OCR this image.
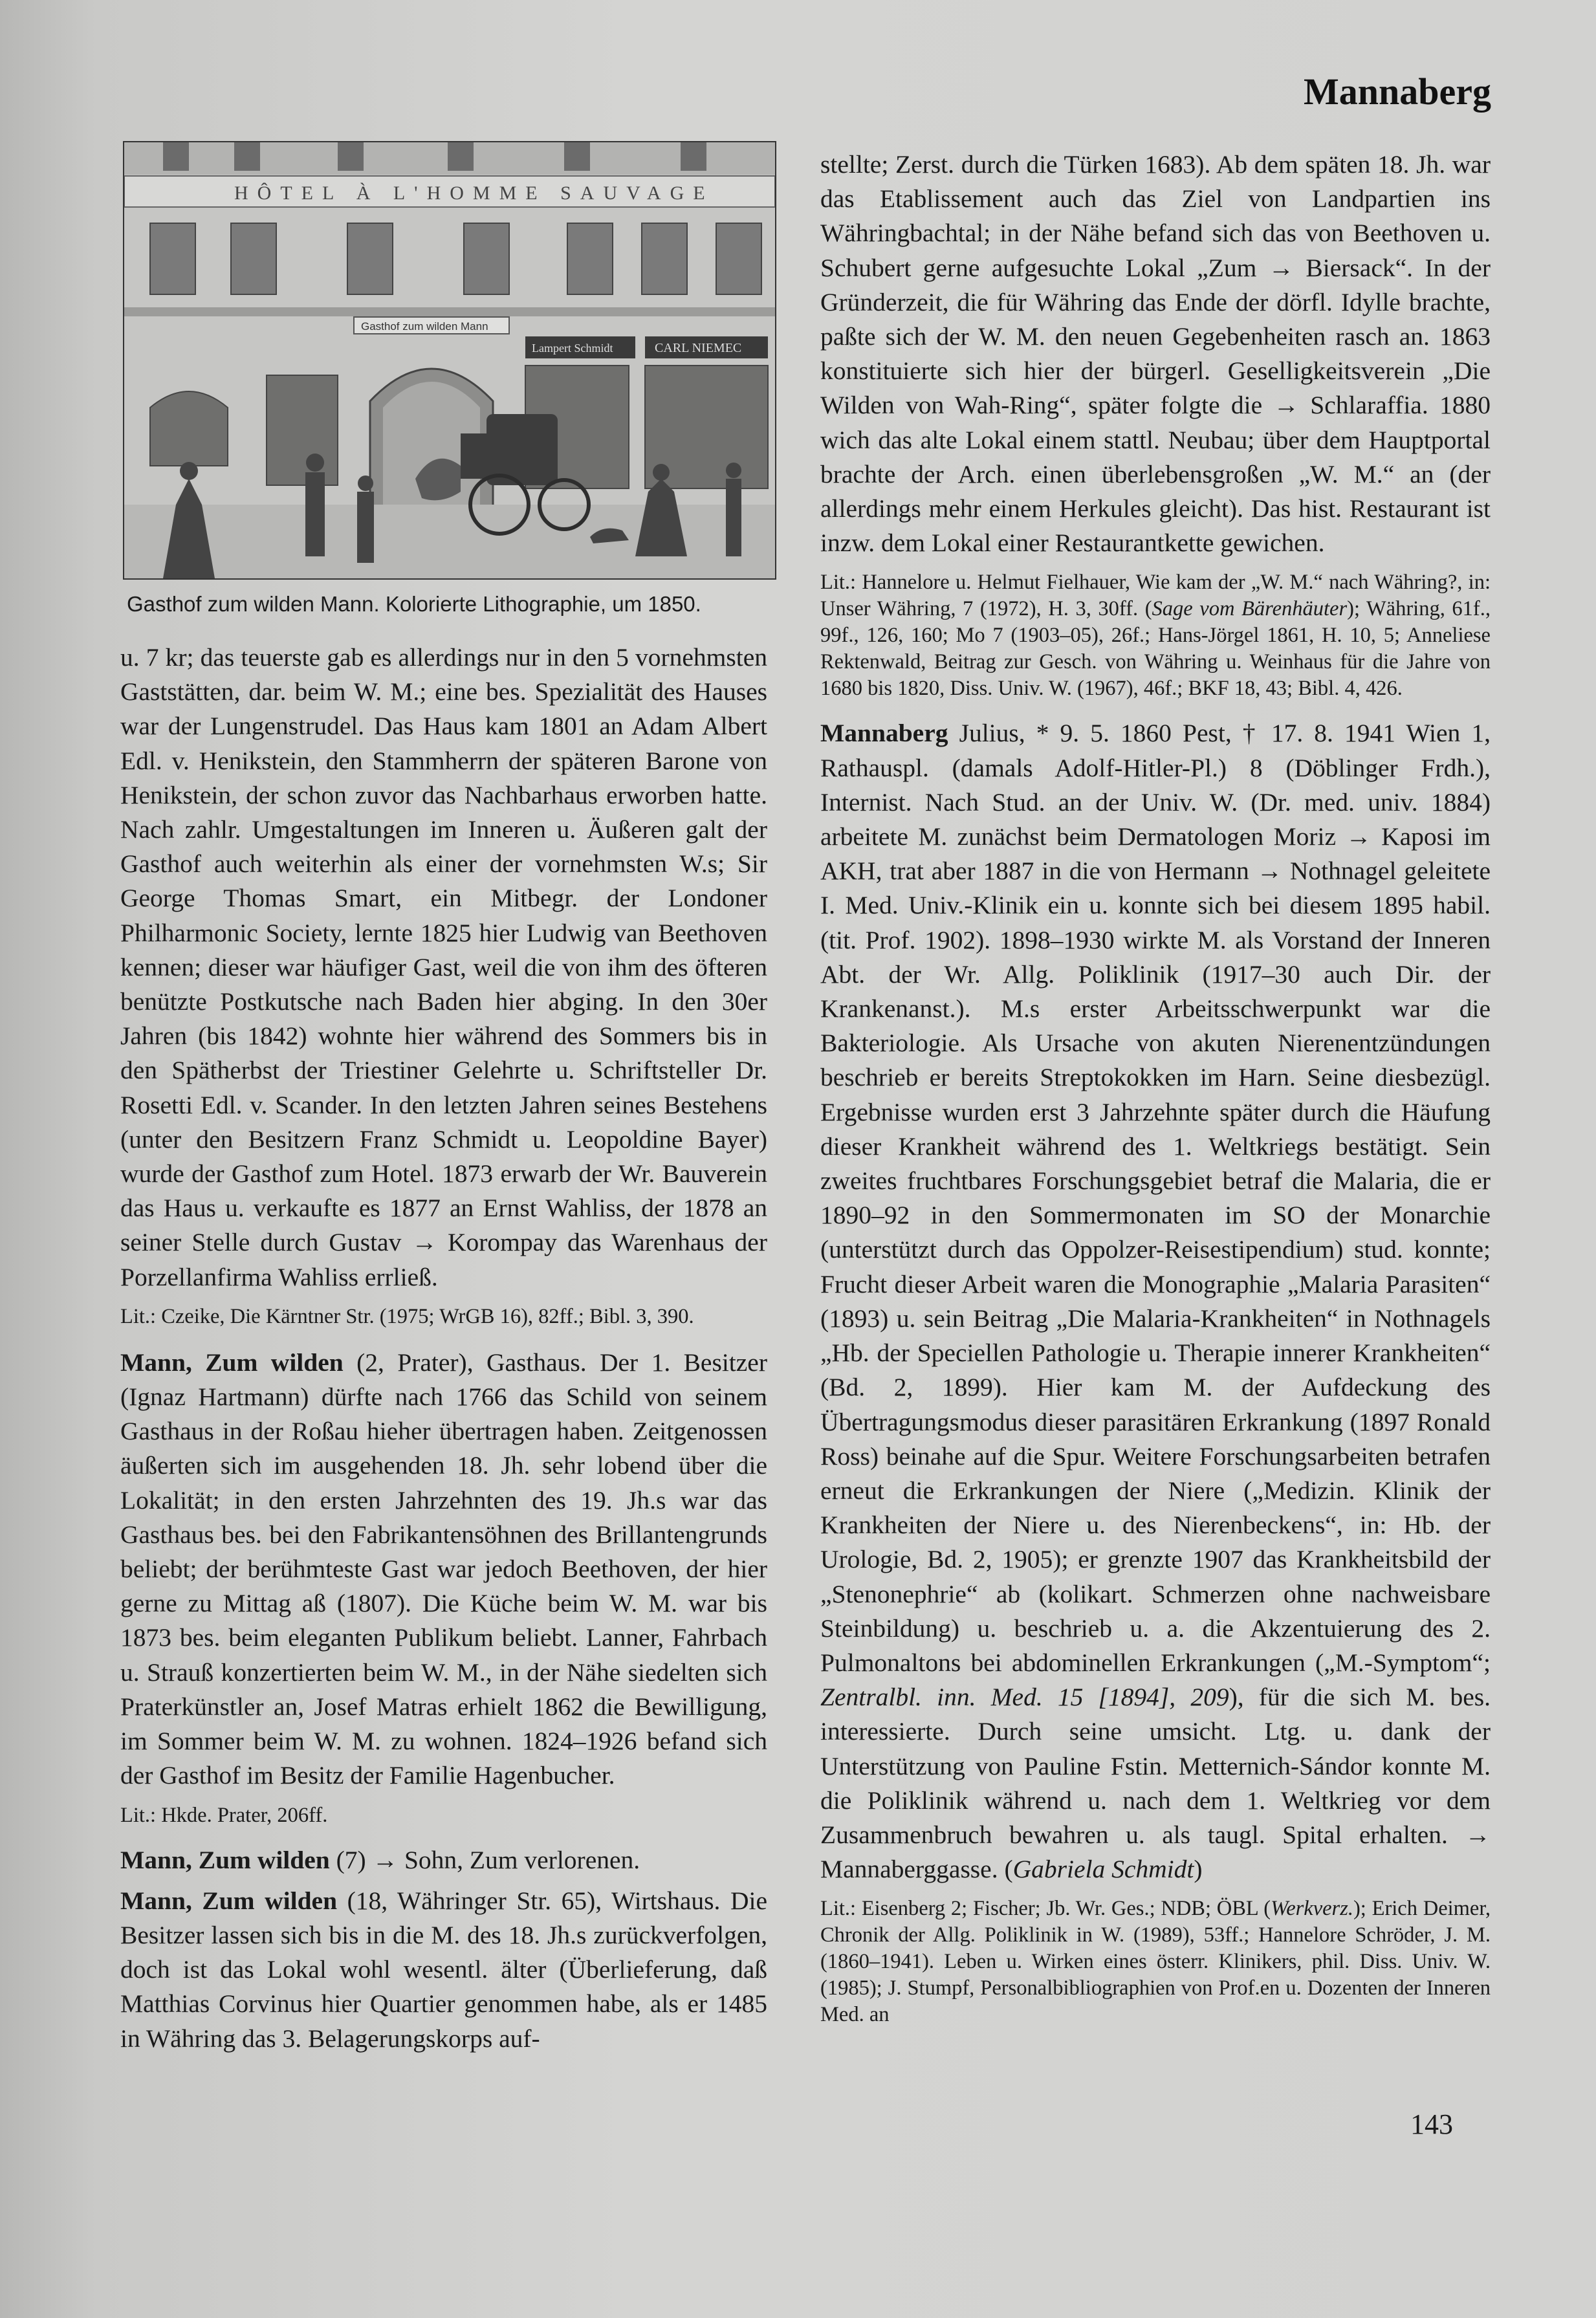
Mannaberg
HÔTEL À L'HOMME SAUVAGE
Gasthof zum wilden Mann
Lampert Schmidt	CARL NIEMEC
Gasthof zum wilden Mann. Kolorierte Lithographie, um 1850.

u. 7 kr; das teuerste gab es allerdings nur in den 5 vornehmsten Gaststätten, dar. beim W. M.; eine bes. Spezialität des Hauses war der Lungenstrudel. Das Haus kam 1801 an Adam Albert Edl. v. Henikstein, den Stammherrn der späteren Barone von Henikstein, der schon zuvor das Nachbarhaus erworben hatte. Nach zahlr. Umgestaltungen im Inneren u. Äußeren galt der Gasthof auch weiterhin als einer der vornehmsten W.s; Sir George Thomas Smart, ein Mitbegr. der Londoner Philharmonic Society, lernte 1825 hier Ludwig van Beethoven kennen; dieser war häufiger Gast, weil die von ihm des öfteren benützte Postkutsche nach Baden hier abging. In den 30er Jahren (bis 1842) wohnte hier während des Sommers bis in den Spätherbst der Triestiner Gelehrte u. Schriftsteller Dr. Rosetti Edl. v. Scander. In den letzten Jahren seines Bestehens (unter den Besitzern Franz Schmidt u. Leopoldine Bayer) wurde der Gasthof zum Hotel. 1873 erwarb der Wr. Bauverein das Haus u. verkaufte es 1877 an Ernst Wahliss, der 1878 an seiner Stelle durch Gustav → Korompay das Warenhaus der Porzellanfirma Wahliss errließ.

Lit.: Czeike, Die Kärntner Str. (1975; WrGB 16), 82ff.; Bibl. 3, 390.

Mann, Zum wilden (2, Prater), Gasthaus. Der 1. Besitzer (Ignaz Hartmann) dürfte nach 1766 das Schild von seinem Gasthaus in der Roßau hieher übertragen haben. Zeitgenossen äußerten sich im ausgehenden 18. Jh. sehr lobend über die Lokalität; in den ersten Jahrzehnten des 19. Jh.s war das Gasthaus bes. bei den Fabrikantensöhnen des Brillantengrunds beliebt; der berühmteste Gast war jedoch Beethoven, der hier gerne zu Mittag aß (1807). Die Küche beim W. M. war bis 1873 bes. beim eleganten Publikum beliebt. Lanner, Fahrbach u. Strauß konzertierten beim W. M., in der Nähe siedelten sich Praterkünstler an, Josef Matras erhielt 1862 die Bewilligung, im Sommer beim W. M. zu wohnen. 1824–1926 befand sich der Gasthof im Besitz der Familie Hagenbucher.

Lit.: Hkde. Prater, 206ff.

Mann, Zum wilden (7) → Sohn, Zum verlorenen.

Mann, Zum wilden (18, Währinger Str. 65), Wirtshaus. Die Besitzer lassen sich bis in die M. des 18. Jh.s zurückverfolgen, doch ist das Lokal wohl wesentl. älter (Überlieferung, daß Matthias Corvinus hier Quartier genommen habe, als er 1485 in Währing das 3. Belagerungskorps auf-

stellte; Zerst. durch die Türken 1683). Ab dem späten 18. Jh. war das Etablissement auch das Ziel von Landpartien ins Währingbachtal; in der Nähe befand sich das von Beethoven u. Schubert gerne aufgesuchte Lokal „Zum → Biersack“. In der Gründerzeit, die für Währing das Ende der dörfl. Idylle brachte, paßte sich der W. M. den neuen Gegebenheiten rasch an. 1863 konstituierte sich hier der bürgerl. Geselligkeitsverein „Die Wilden von Wah-Ring“, später folgte die → Schlaraffia. 1880 wich das alte Lokal einem stattl. Neubau; über dem Hauptportal brachte der Arch. einen überlebensgroßen „W. M.“ an (der allerdings mehr einem Herkules gleicht). Das hist. Restaurant ist inzw. dem Lokal einer Restaurantkette gewichen.

Lit.: Hannelore u. Helmut Fielhauer, Wie kam der „W. M.“ nach Währing?, in: Unser Währing, 7 (1972), H. 3, 30ff. (Sage vom Bärenhäuter); Währing, 61f., 99f., 126, 160; Mo 7 (1903–05), 26f.; Hans-Jörgel 1861, H. 10, 5; Anneliese Rektenwald, Beitrag zur Gesch. von Währing u. Weinhaus für die Jahre von 1680 bis 1820, Diss. Univ. W. (1967), 46f.; BKF 18, 43; Bibl. 4, 426.

Mannaberg Julius, * 9. 5. 1860 Pest, † 17. 8. 1941 Wien 1, Rathauspl. (damals Adolf-Hitler-Pl.) 8 (Döblinger Frdh.), Internist. Nach Stud. an der Univ. W. (Dr. med. univ. 1884) arbeitete M. zunächst beim Dermatologen Moriz → Kaposi im AKH, trat aber 1887 in die von Hermann → Nothnagel geleitete I. Med. Univ.-Klinik ein u. konnte sich bei diesem 1895 habil. (tit. Prof. 1902). 1898–1930 wirkte M. als Vorstand der Inneren Abt. der Wr. Allg. Poliklinik (1917–30 auch Dir. der Krankenanst.). M.s erster Arbeitsschwerpunkt war die Bakteriologie. Als Ursache von akuten Nierenentzündungen beschrieb er bereits Streptokokken im Harn. Seine diesbezügl. Ergebnisse wurden erst 3 Jahrzehnte später durch die Häufung dieser Krankheit während des 1. Weltkriegs bestätigt. Sein zweites fruchtbares Forschungsgebiet betraf die Malaria, die er 1890–92 in den Sommermonaten im SO der Monarchie (unterstützt durch das Oppolzer-Reisestipendium) stud. konnte; Frucht dieser Arbeit waren die Monographie „Malaria Parasiten“ (1893) u. sein Beitrag „Die Malaria-Krankheiten“ in Nothnagels „Hb. der Speciellen Pathologie u. Therapie innerer Krankheiten“ (Bd. 2, 1899). Hier kam M. der Aufdeckung des Übertragungsmodus dieser parasitären Erkrankung (1897 Ronald Ross) beinahe auf die Spur. Weitere Forschungsarbeiten betrafen erneut die Erkrankungen der Niere („Medizin. Klinik der Krankheiten der Niere u. des Nierenbeckens“, in: Hb. der Urologie, Bd. 2, 1905); er grenzte 1907 das Krankheitsbild der „Stenonephrie“ ab (kolikart. Schmerzen ohne nachweisbare Steinbildung) u. beschrieb u. a. die Akzentuierung des 2. Pulmonaltons bei abdominellen Erkrankungen („M.-Symptom“; Zentralbl. inn. Med. 15 [1894], 209), für die sich M. bes. interessierte. Durch seine umsicht. Ltg. u. dank der Unterstützung von Pauline Fstin. Metternich-Sándor konnte M. die Poliklinik während u. nach dem 1. Weltkrieg vor dem Zusammenbruch bewahren u. als taugl. Spital erhalten. → Mannaberggasse. (Gabriela Schmidt)

Lit.: Eisenberg 2; Fischer; Jb. Wr. Ges.; NDB; ÖBL (Werkverz.); Erich Deimer, Chronik der Allg. Poliklinik in W. (1989), 53ff.; Hannelore Schröder, J. M. (1860–1941). Leben u. Wirken eines österr. Klinikers, phil. Diss. Univ. W. (1985); J. Stumpf, Personalbibliographien von Prof.en u. Dozenten der Inneren Med. an

143
